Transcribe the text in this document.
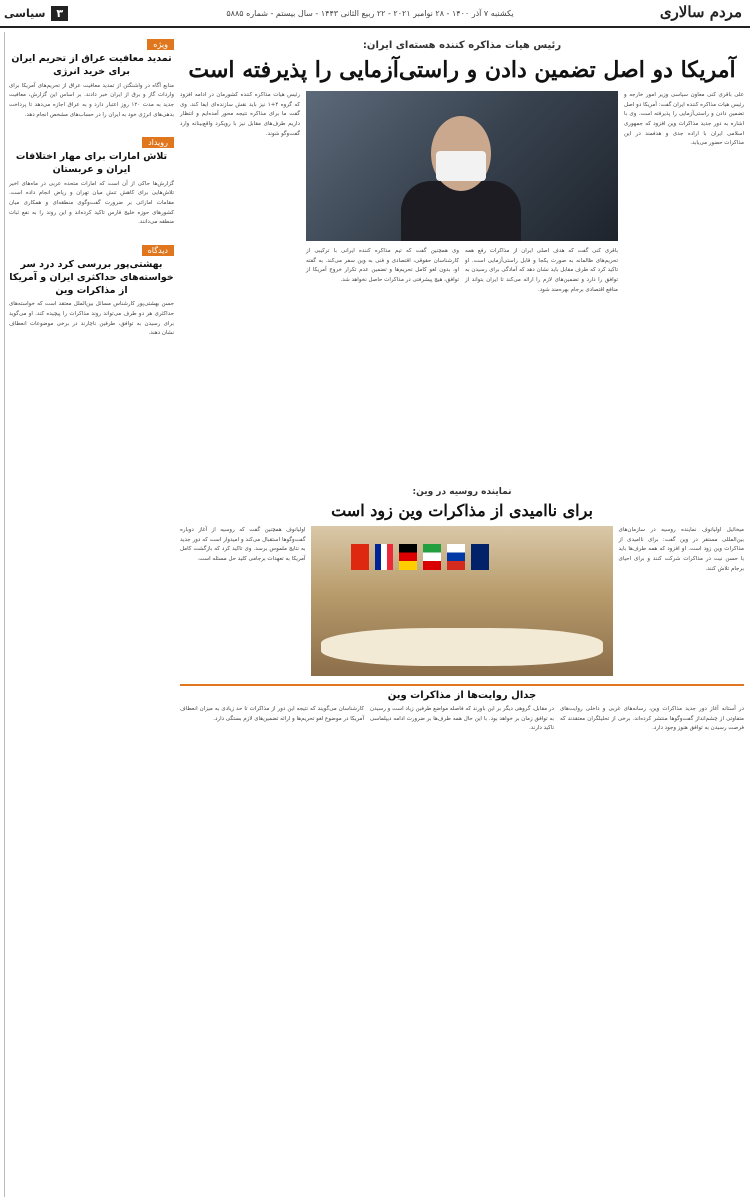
مردم سالاری
یکشنبه ۷ آذر ۱۴۰۰ - ۲۸ نوامبر ۲۰۲۱ - ۲۲ ربیع الثانی ۱۴۴۳ - سال بیستم - شماره ۵۸۸۵
۳
سیاسی
ویژه
تمدید معافیت عراق از تحریم ایران برای خرید انرژی
منابع آگاه در واشنگتن از تمدید معافیت عراق از تحریم‌های آمریکا برای واردات گاز و برق از ایران خبر دادند. بر اساس این گزارش، معافیت جدید به مدت ۱۲۰ روز اعتبار دارد و به عراق اجازه می‌دهد تا پرداخت بدهی‌های انرژی خود به ایران را در حساب‌های مشخص انجام دهد.
رویداد
تلاش امارات برای مهار اختلافات ایران و عربستان
گزارش‌ها حاکی از آن است که امارات متحده عربی در ماه‌های اخیر تلاش‌هایی برای کاهش تنش میان تهران و ریاض انجام داده است. مقامات اماراتی بر ضرورت گفت‌وگوی منطقه‌ای و همکاری میان کشورهای حوزه خلیج فارس تاکید کرده‌اند و این روند را به نفع ثبات منطقه می‌دانند.
دیدگاه
بهشتی‌پور بررسی کرد درد سر خواسته‌های حداکثری ایران و آمریکا از مذاکرات وین
حسن بهشتی‌پور کارشناس مسائل بین‌الملل معتقد است که خواسته‌های حداکثری هر دو طرف می‌تواند روند مذاکرات را پیچیده کند. او می‌گوید برای رسیدن به توافق، طرفین ناچارند در برخی موضوعات انعطاف نشان دهند.
رئیس هیات مذاکره کننده هسته‌ای ایران:
آمریکا دو اصل تضمین دادن و راستی‌آزمایی را پذیرفته است
علی باقری کنی معاون سیاسی وزیر امور خارجه و رئیس هیات مذاکره کننده ایران گفت: آمریکا دو اصل تضمین دادن و راستی‌آزمایی را پذیرفته است. وی با اشاره به دور جدید مذاکرات وین افزود که جمهوری اسلامی ایران با اراده جدی و هدفمند در این مذاکرات حضور می‌یابد.
باقری کنی گفت که هدف اصلی ایران از مذاکرات رفع همه تحریم‌های ظالمانه به صورت یکجا و قابل راستی‌آزمایی است. او تاکید کرد که طرف مقابل باید نشان دهد که آمادگی برای رسیدن به توافق را دارد و تضمین‌های لازم را ارائه می‌کند تا ایران بتواند از منافع اقتصادی برجام بهره‌مند شود.
وی همچنین گفت که تیم مذاکره کننده ایرانی با ترکیبی از کارشناسان حقوقی، اقتصادی و فنی به وین سفر می‌کند. به گفته او، بدون لغو کامل تحریم‌ها و تضمین عدم تکرار خروج آمریکا از توافق، هیچ پیشرفتی در مذاکرات حاصل نخواهد شد.
رئیس هیات مذاکره کننده کشورمان در ادامه افزود که گروه ۴+۱ نیز باید نقش سازنده‌ای ایفا کند. وی گفت ما برای مذاکره نتیجه محور آمده‌ایم و انتظار داریم طرف‌های مقابل نیز با رویکرد واقع‌بینانه وارد گفت‌وگو شوند.
نماینده روسیه در وین:
برای ناامیدی از مذاکرات وین زود است
میخائیل اولیانوف نماینده روسیه در سازمان‌های بین‌المللی مستقر در وین گفت: برای ناامیدی از مذاکرات وین زود است. او افزود که همه طرف‌ها باید با حسن نیت در مذاکرات شرکت کنند و برای احیای برجام تلاش کنند.
اولیانوف همچنین گفت که روسیه از آغاز دوباره گفت‌وگوها استقبال می‌کند و امیدوار است که دور جدید به نتایج ملموس برسد. وی تاکید کرد که بازگشت کامل آمریکا به تعهدات برجامی کلید حل مسئله است.
جدال روایت‌ها از مذاکرات وین
در آستانه آغاز دور جدید مذاکرات وین، رسانه‌های غربی و داخلی روایت‌های متفاوتی از چشم‌انداز گفت‌وگوها منتشر کرده‌اند. برخی از تحلیلگران معتقدند که فرصت رسیدن به توافق هنوز وجود دارد.
در مقابل، گروهی دیگر بر این باورند که فاصله مواضع طرفین زیاد است و رسیدن به توافق زمان بر خواهد بود. با این حال همه طرف‌ها بر ضرورت ادامه دیپلماسی تاکید دارند.
کارشناسان می‌گویند که نتیجه این دور از مذاکرات تا حد زیادی به میزان انعطاف آمریکا در موضوع لغو تحریم‌ها و ارائه تضمین‌های لازم بستگی دارد.
